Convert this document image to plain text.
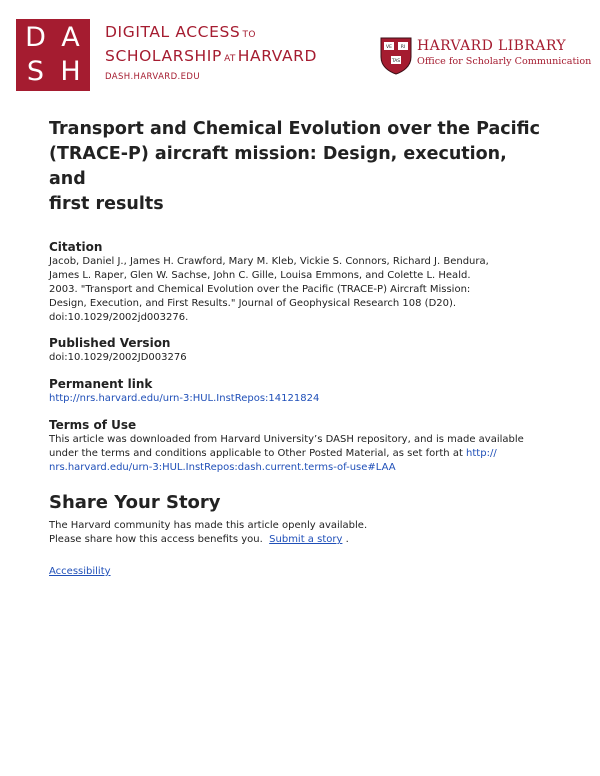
D A
S H
DIGITAL ACCESS  TO
SCHOLARSHIP  AT  HARVARD
DASH.HARVARD.EDU
VE RI
TAS
HARVARD LIBRARY
Office for Scholarly Communication
Transport and Chemical Evolution over the Pacific
(TRACE-P) aircraft mission: Design, execution, and
first results
Citation

Jacob, Daniel J., James H. Crawford, Mary M. Kleb, Vickie S. Connors, Richard J. Bendura,
James L. Raper, Glen W. Sachse, John C. Gille, Louisa Emmons, and Colette L. Heald.
2003. "Transport and Chemical Evolution over the Pacific (TRACE-P) Aircraft Mission:
Design, Execution, and First Results." Journal of Geophysical Research 108 (D20).
doi:10.1029/2002jd003276.

Published Version

doi:10.1029/2002JD003276

Permanent link

http://nrs.harvard.edu/urn-3:HUL.InstRepos:14121824

Terms of Use

This article was downloaded from Harvard University’s DASH repository, and is made available
under the terms and conditions applicable to Other Posted Material, as set forth at http://
nrs.harvard.edu/urn-3:HUL.InstRepos:dash.current.terms-of-use#LAA

Share Your Story

The Harvard community has made this article openly available.
Please share how this access benefits you. Submit a story .

Accessibility
